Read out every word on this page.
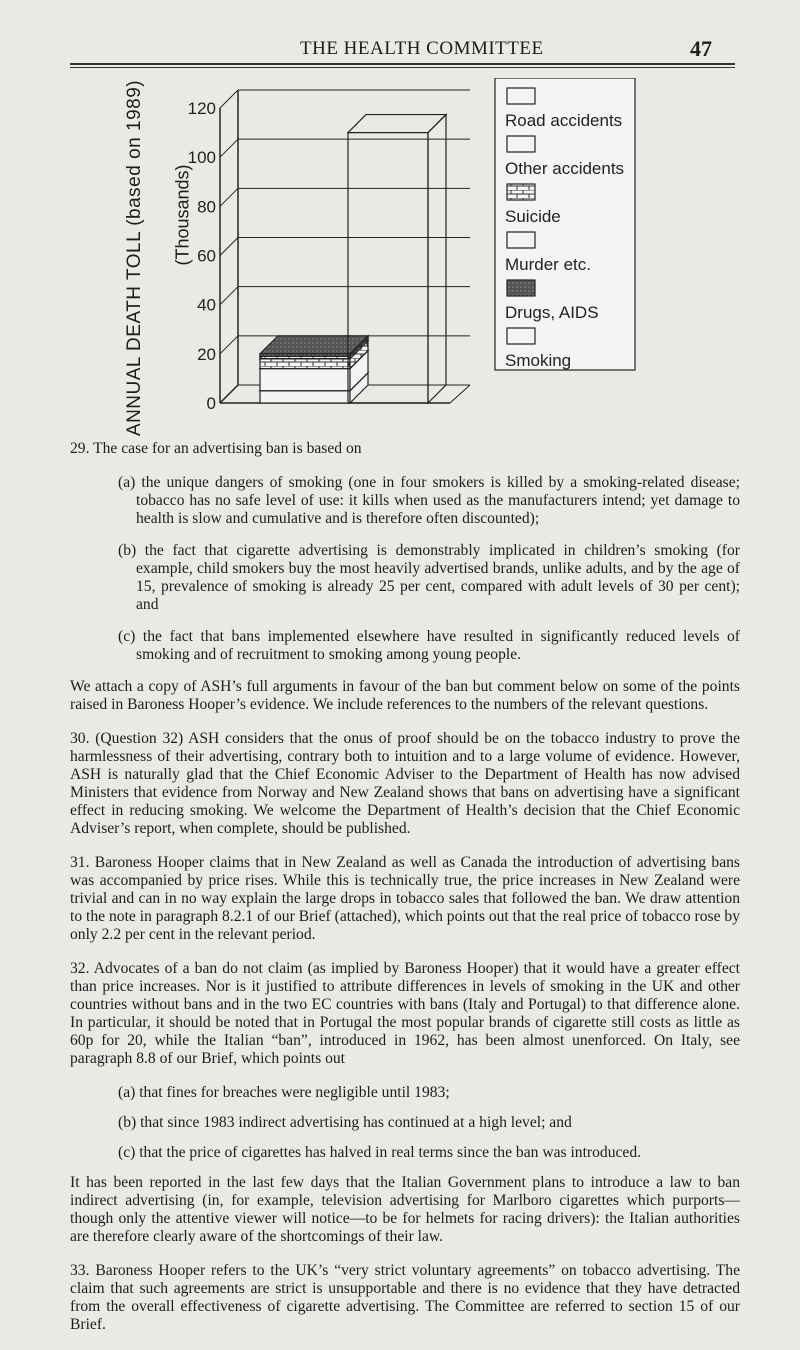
THE HEALTH COMMITTEE	47
ANNUAL DEATH TOLL (based on 1989) (Thousands)
0
20
40
60
80
100
120
Road accidents
Other accidents
Suicide
Murder etc.
Drugs, AIDS
Smoking

29. The case for an advertising ban is based on

(a) the unique dangers of smoking (one in four smokers is killed by a smoking-related disease; tobacco has no safe level of use: it kills when used as the manufacturers intend; yet damage to health is slow and cumulative and is therefore often discounted);

(b) the fact that cigarette advertising is demonstrably implicated in children’s smoking (for example, child smokers buy the most heavily advertised brands, unlike adults, and by the age of 15, prevalence of smoking is already 25 per cent, compared with adult levels of 30 per cent); and

(c) the fact that bans implemented elsewhere have resulted in significantly reduced levels of smoking and of recruitment to smoking among young people.

We attach a copy of ASH’s full arguments in favour of the ban but comment below on some of the points raised in Baroness Hooper’s evidence. We include references to the numbers of the relevant questions.

30. (Question 32) ASH considers that the onus of proof should be on the tobacco industry to prove the harmlessness of their advertising, contrary both to intuition and to a large volume of evidence. However, ASH is naturally glad that the Chief Economic Adviser to the Department of Health has now advised Ministers that evidence from Norway and New Zealand shows that bans on advertising have a significant effect in reducing smoking. We welcome the Department of Health’s decision that the Chief Economic Adviser’s report, when complete, should be published.

31. Baroness Hooper claims that in New Zealand as well as Canada the introduction of advertising bans was accompanied by price rises. While this is technically true, the price increases in New Zealand were trivial and can in no way explain the large drops in tobacco sales that followed the ban. We draw attention to the note in paragraph 8.2.1 of our Brief (attached), which points out that the real price of tobacco rose by only 2.2 per cent in the relevant period.

32. Advocates of a ban do not claim (as implied by Baroness Hooper) that it would have a greater effect than price increases. Nor is it justified to attribute differences in levels of smoking in the UK and other countries without bans and in the two EC countries with bans (Italy and Portugal) to that difference alone. In particular, it should be noted that in Portugal the most popular brands of cigarette still costs as little as 60p for 20, while the Italian “ban”, introduced in 1962, has been almost unenforced. On Italy, see paragraph 8.8 of our Brief, which points out

(a) that fines for breaches were negligible until 1983;

(b) that since 1983 indirect advertising has continued at a high level; and

(c) that the price of cigarettes has halved in real terms since the ban was introduced.

It has been reported in the last few days that the Italian Government plans to introduce a law to ban indirect advertising (in, for example, television advertising for Marlboro cigarettes which purports—though only the attentive viewer will notice—to be for helmets for racing drivers): the Italian authorities are therefore clearly aware of the shortcomings of their law.

33. Baroness Hooper refers to the UK’s “very strict voluntary agreements” on tobacco advertising. The claim that such agreements are strict is unsupportable and there is no evidence that they have detracted from the overall effectiveness of cigarette advertising. The Committee are referred to section 15 of our Brief.
